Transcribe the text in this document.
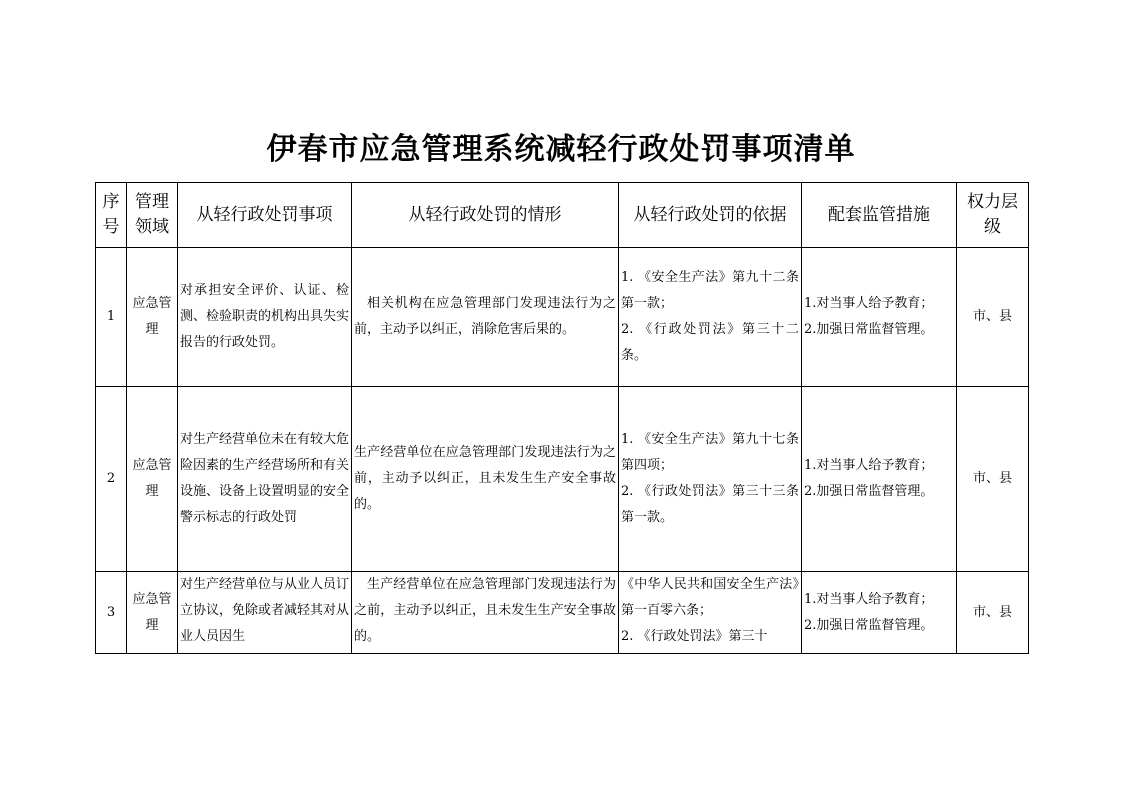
伊春市应急管理系统减轻行政处罚事项清单
序号	管理领域	从轻行政处罚事项	从轻行政处罚的情形	从轻行政处罚的依据	配套监管措施	权力层级
1	应急管理	对承担安全评价、认证、检测、检验职责的机构出具失实报告的行政处罚。	相关机构在应急管理部门发现违法行为之前，主动予以纠正，消除危害后果的。	1. 《安全生产法》第九十二条第一款；
2. 《行政处罚法》第三十二条。	1.对当事人给予教育；
2.加强日常监督管理。	市、县
2	应急管理	对生产经营单位未在有较大危险因素的生产经营场所和有关设施、设备上设置明显的安全警示标志的行政处罚	生产经营单位在应急管理部门发现违法行为之前，主动予以纠正，且未发生生产安全事故的。	1. 《安全生产法》第九十七条第四项；
2. 《行政处罚法》第三十三条第一款。	1.对当事人给予教育；
2.加强日常监督管理。	市、县
3	应急管理	对生产经营单位与从业人员订立协议，免除或者减轻其对从业人员因生	生产经营单位在应急管理部门发现违法行为之前，主动予以纠正，且未发生生产安全事故的。	《中华人民共和国安全生产法》第一百零六条；
2. 《行政处罚法》第三十	1.对当事人给予教育；
2.加强日常监督管理。	市、县
